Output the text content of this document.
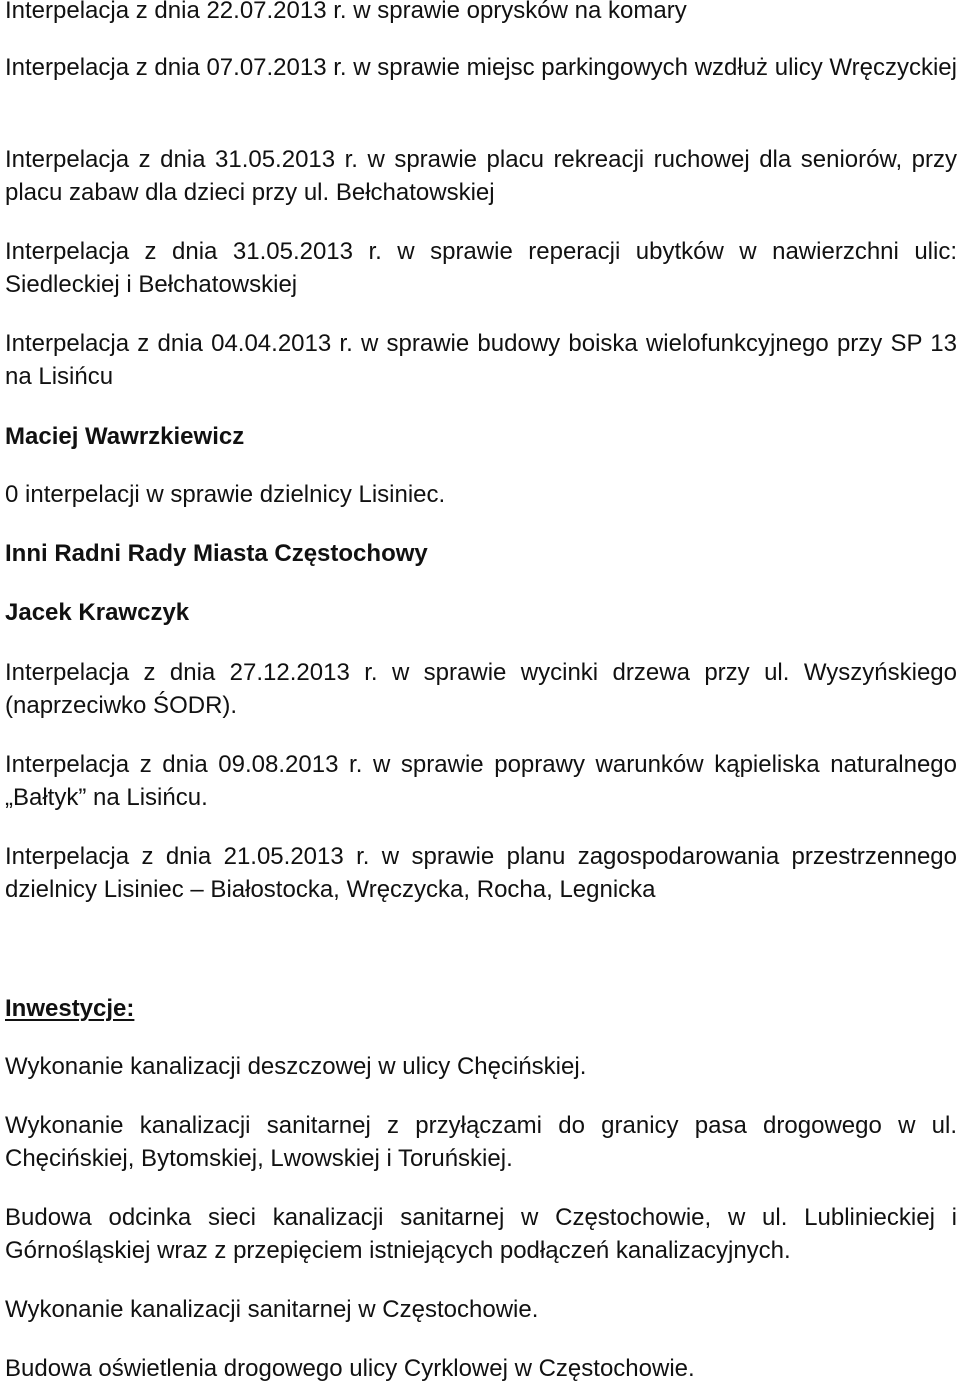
Interpelacja z dnia 22.07.2013 r. w sprawie oprysków na komary

Interpelacja z dnia 07.07.2013 r. w sprawie miejsc parkingowych wzdłuż ulicy Wręczyckiej

Interpelacja z dnia 31.05.2013 r. w sprawie placu rekreacji ruchowej dla seniorów, przy placu zabaw dla dzieci przy ul. Bełchatowskiej

Interpelacja z dnia 31.05.2013 r. w sprawie reperacji ubytków w nawierzchni ulic: Siedleckiej i Bełchatowskiej

Interpelacja z dnia 04.04.2013 r. w sprawie budowy boiska wielofunkcyjnego przy SP 13 na Lisińcu

Maciej Wawrzkiewicz

0 interpelacji w sprawie dzielnicy Lisiniec.

Inni Radni Rady Miasta Częstochowy

Jacek Krawczyk

Interpelacja z dnia 27.12.2013 r. w sprawie wycinki drzewa przy ul. Wyszyńskiego (naprzeciwko ŚODR).

Interpelacja z dnia 09.08.2013 r. w sprawie poprawy warunków kąpieliska naturalnego „Bałtyk” na Lisińcu.

Interpelacja z dnia 21.05.2013 r. w sprawie planu zagospodarowania przestrzennego dzielnicy Lisiniec – Białostocka, Wręczycka, Rocha, Legnicka

Inwestycje:

Wykonanie kanalizacji deszczowej w ulicy Chęcińskiej.

Wykonanie kanalizacji sanitarnej z przyłączami do granicy pasa drogowego w ul. Chęcińskiej, Bytomskiej, Lwowskiej i Toruńskiej.

Budowa odcinka sieci kanalizacji sanitarnej w Częstochowie, w ul. Lublinieckiej i Górnośląskiej wraz z przepięciem istniejących podłączeń kanalizacyjnych.

Wykonanie kanalizacji sanitarnej w Częstochowie.

Budowa oświetlenia drogowego ulicy Cyrklowej w Częstochowie.
